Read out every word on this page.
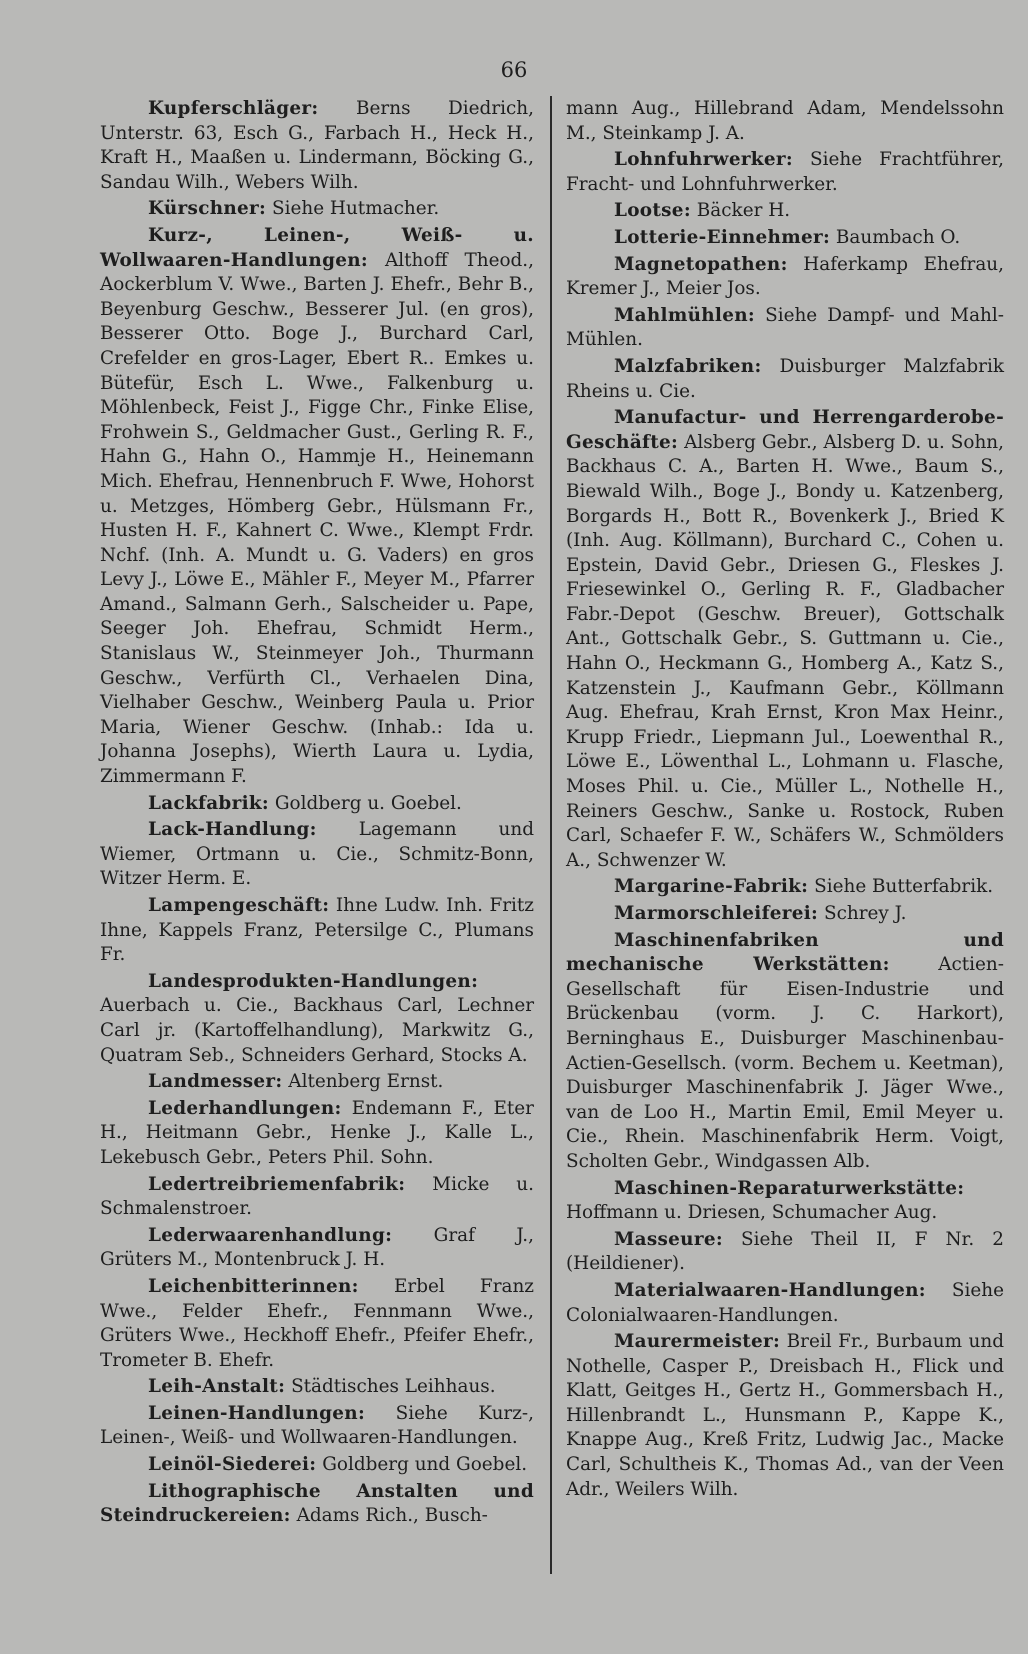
66

Kupferschläger: Berns Diedrich, Unterstr. 63, Esch G., Farbach H., Heck H., Kraft H., Maaßen u. Lindermann, Böcking G., Sandau Wilh., Webers Wilh.

Kürschner: Siehe Hutmacher.

Kurz-, Leinen-, Weiß- u. Wollwaaren-Handlungen: Althoff Theod., Aockerblum V. Wwe., Barten J. Ehefr., Behr B., Beyenburg Geschw., Besserer Jul. (en gros), Besserer Otto. Boge J., Burchard Carl, Crefelder en gros-Lager, Ebert R.. Emkes u. Bütefür, Esch L. Wwe., Falkenburg u. Möhlenbeck, Feist J., Figge Chr., Finke Elise, Frohwein S., Geldmacher Gust., Gerling R. F., Hahn G., Hahn O., Hammje H., Heinemann Mich. Ehefrau, Hennenbruch F. Wwe, Hohorst u. Metzges, Hömberg Gebr., Hülsmann Fr., Husten H. F., Kahnert C. Wwe., Klempt Frdr. Nchf. (Inh. A. Mundt u. G. Vaders) en gros Levy J., Löwe E., Mähler F., Meyer M., Pfarrer Amand., Salmann Gerh., Salscheider u. Pape, Seeger Joh. Ehefrau, Schmidt Herm., Stanislaus W., Steinmeyer Joh., Thurmann Geschw., Verfürth Cl., Verhaelen Dina, Vielhaber Geschw., Weinberg Paula u. Prior Maria, Wiener Geschw. (Inhab.: Ida u. Johanna Josephs), Wierth Laura u. Lydia, Zimmermann F.

Lackfabrik: Goldberg u. Goebel.

Lack-Handlung: Lagemann und Wiemer, Ortmann u. Cie., Schmitz-Bonn, Witzer Herm. E.

Lampengeschäft: Ihne Ludw. Inh. Fritz Ihne, Kappels Franz, Petersilge C., Plumans Fr.

Landesprodukten-Handlungen: Auerbach u. Cie., Backhaus Carl, Lechner Carl jr. (Kartoffelhandlung), Markwitz G., Quatram Seb., Schneiders Gerhard, Stocks A.

Landmesser: Altenberg Ernst.

Lederhandlungen: Endemann F., Eter H., Heitmann Gebr., Henke J., Kalle L., Lekebusch Gebr., Peters Phil. Sohn.

Ledertreibriemenfabrik: Micke u. Schmalenstroer.

Lederwaarenhandlung: Graf J., Grüters M., Montenbruck J. H.

Leichenbitterinnen: Erbel Franz Wwe., Felder Ehefr., Fennmann Wwe., Grüters Wwe., Heckhoff Ehefr., Pfeifer Ehefr., Trometer B. Ehefr.

Leih-Anstalt: Städtisches Leihhaus.

Leinen-Handlungen: Siehe Kurz-, Leinen-, Weiß- und Wollwaaren-Handlungen.

Leinöl-Siederei: Goldberg und Goebel.

Lithographische Anstalten und Steindruckereien: Adams Rich., Busch-

mann Aug., Hillebrand Adam, Mendelssohn M., Steinkamp J. A.

Lohnfuhrwerker: Siehe Frachtführer, Fracht- und Lohnfuhrwerker.

Lootse: Bäcker H.

Lotterie-Einnehmer: Baumbach O.

Magnetopathen: Haferkamp Ehefrau, Kremer J., Meier Jos.

Mahlmühlen: Siehe Dampf- und Mahl-Mühlen.

Malzfabriken: Duisburger Malzfabrik Rheins u. Cie.

Manufactur- und Herrengarderobe-Geschäfte: Alsberg Gebr., Alsberg D. u. Sohn, Backhaus C. A., Barten H. Wwe., Baum S., Biewald Wilh., Boge J., Bondy u. Katzenberg, Borgards H., Bott R., Bovenkerk J., Bried K (Inh. Aug. Köllmann), Burchard C., Cohen u. Epstein, David Gebr., Driesen G., Fleskes J. Friesewinkel O., Gerling R. F., Gladbacher Fabr.-Depot (Geschw. Breuer), Gottschalk Ant., Gottschalk Gebr., S. Guttmann u. Cie., Hahn O., Heckmann G., Homberg A., Katz S., Katzenstein J., Kaufmann Gebr., Köllmann Aug. Ehefrau, Krah Ernst, Kron Max Heinr., Krupp Friedr., Liepmann Jul., Loewenthal R., Löwe E., Löwenthal L., Lohmann u. Flasche, Moses Phil. u. Cie., Müller L., Nothelle H., Reiners Geschw., Sanke u. Rostock, Ruben Carl, Schaefer F. W., Schäfers W., Schmölders A., Schwenzer W.

Margarine-Fabrik: Siehe Butterfabrik.

Marmorschleiferei: Schrey J.

Maschinenfabriken und mechanische Werkstätten:	Actien-Gesellschaft für Eisen-Industrie und Brückenbau (vorm. J. C. Harkort), Berninghaus E., Duisburger Maschinenbau-Actien-Gesellsch. (vorm. Bechem u. Keetman), Duisburger Maschinenfabrik J. Jäger Wwe., van de Loo H., Martin Emil, Emil Meyer u. Cie., Rhein. Maschinenfabrik Herm. Voigt, Scholten Gebr., Windgassen Alb.

Maschinen-Reparaturwerkstätte: Hoffmann u. Driesen, Schumacher Aug.

Masseure: Siehe Theil II, F Nr. 2 (Heildiener).

Materialwaaren-Handlungen: Siehe Colonialwaaren-Handlungen.

Maurermeister: Breil Fr., Burbaum und Nothelle, Casper P., Dreisbach H., Flick und Klatt, Geitges H., Gertz H., Gommersbach H., Hillenbrandt L., Hunsmann P., Kappe K., Knappe Aug., Kreß Fritz, Ludwig Jac., Macke Carl, Schultheis K., Thomas Ad., van der Veen Adr., Weilers Wilh.
